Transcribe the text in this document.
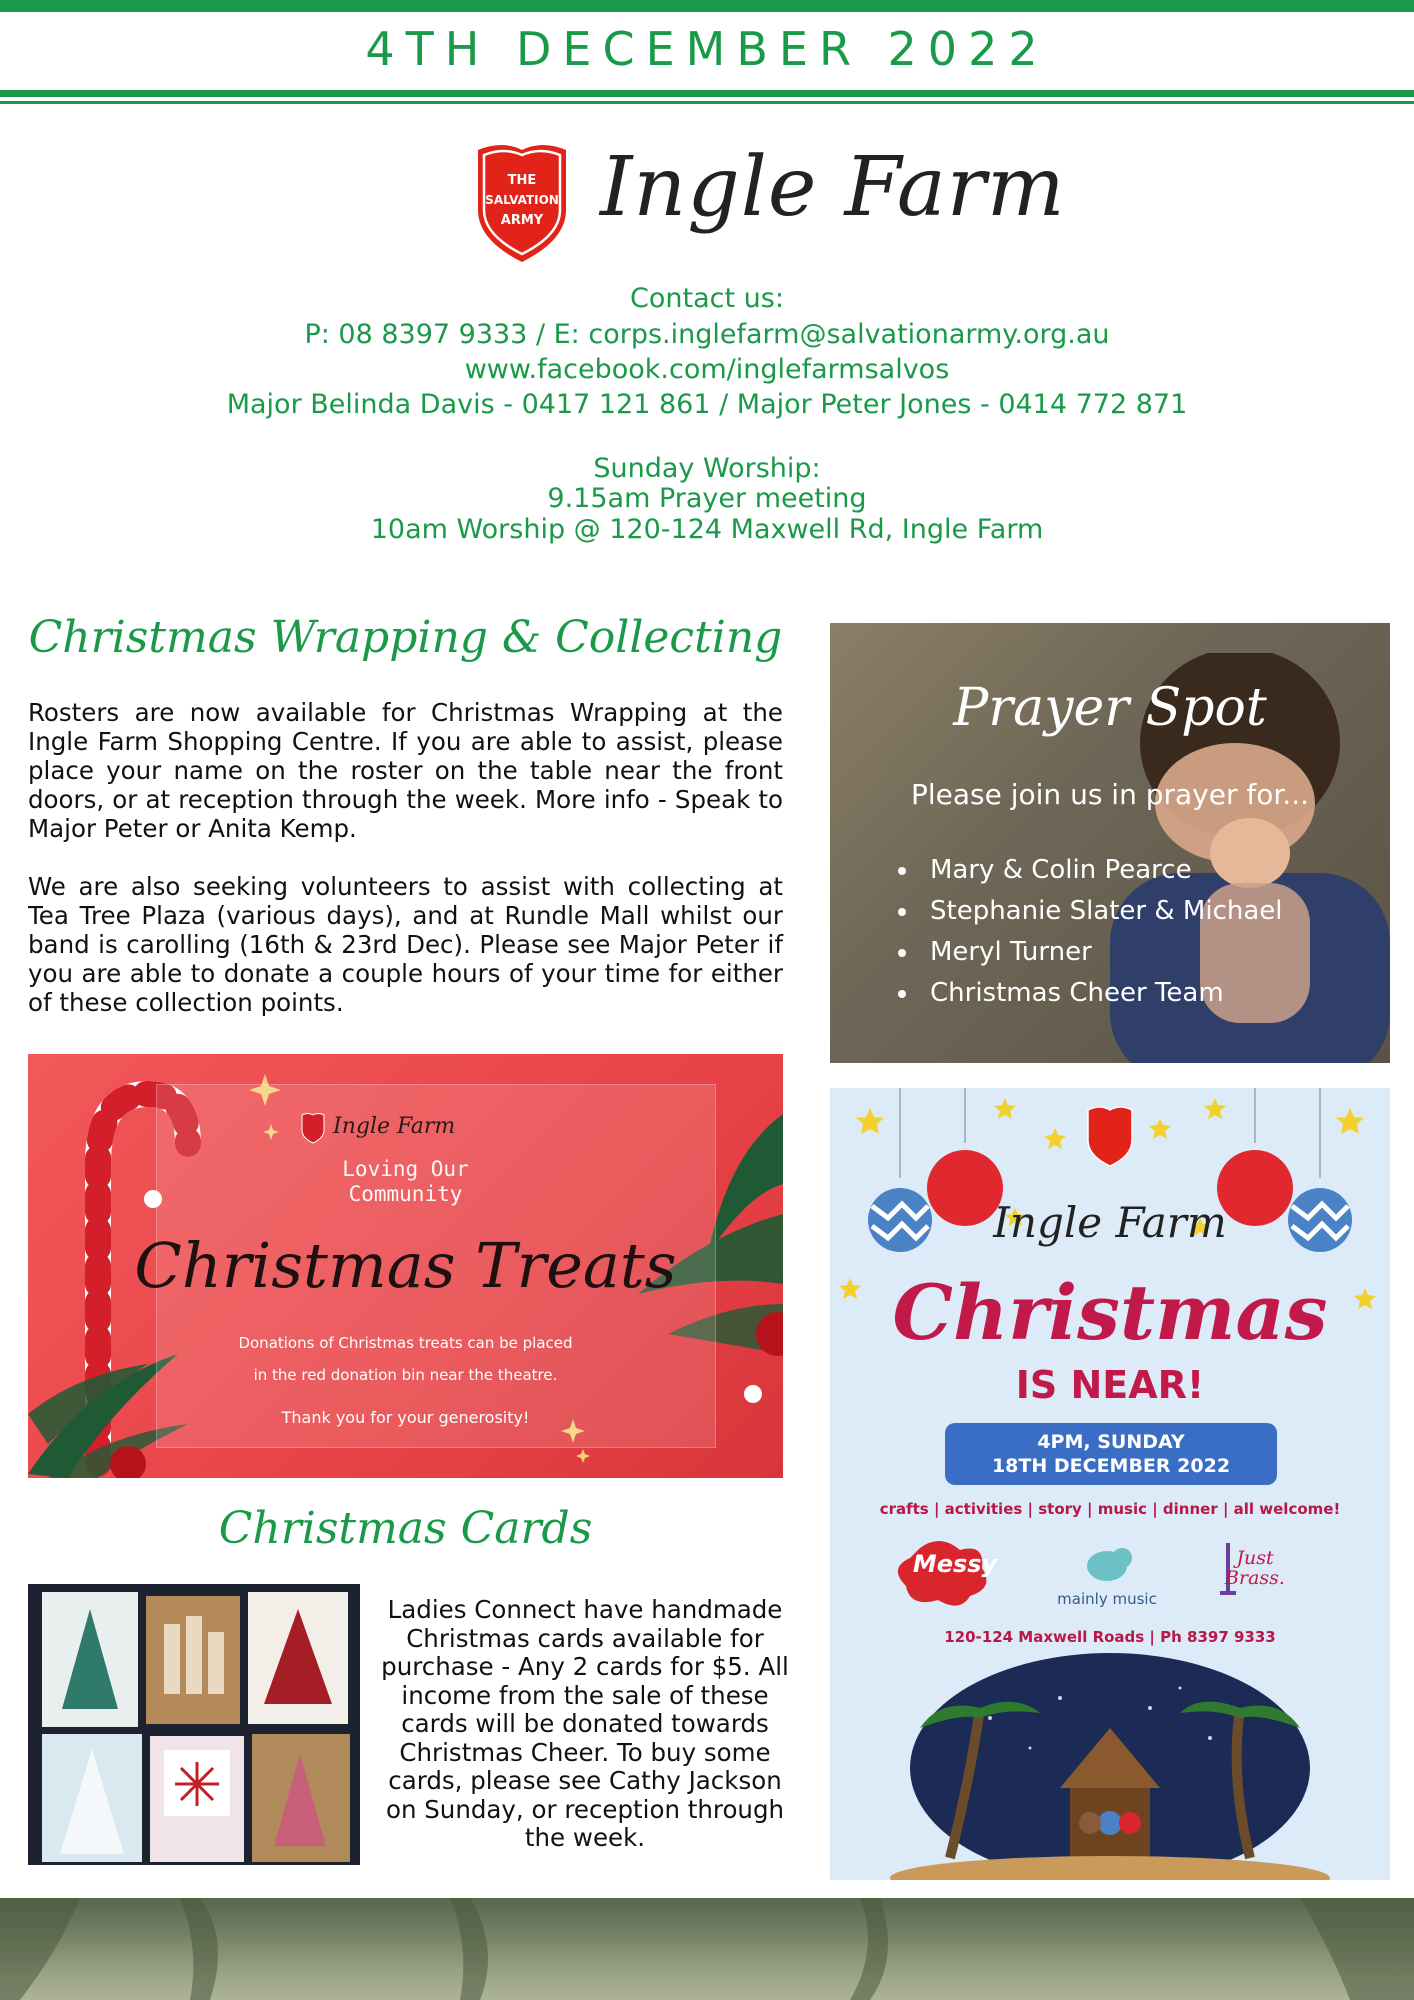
4TH DECEMBER 2022
THE
SALVATION
ARMY Ingle Farm
Contact us:
P: 08 8397 9333 / E: corps.inglefarm@salvationarmy.org.au
www.facebook.com/inglefarmsalvos
Major Belinda Davis - 0417 121 861 / Major Peter Jones - 0414 772 871
Sunday Worship:
9.15am Prayer meeting
10am Worship @ 120-124 Maxwell Rd, Ingle Farm
Christmas Wrapping & Collecting
Rosters are now available for Christmas Wrapping at the Ingle Farm Shopping Centre. If you are able to assist, please place your name on the roster on the table near the front doors, or at reception through the week. More info - Speak to Major Peter or Anita Kemp.
We are also seeking volunteers to assist with collecting at Tea Tree Plaza (various days), and at Rundle Mall whilst our band is carolling (16th & 23rd Dec). Please see Major Peter if you are able to donate a couple hours of your time for either of these collection points.
Prayer Spot
Please join us in prayer for...
Mary & Colin Pearce
Stephanie Slater & Michael
Meryl Turner
Christmas Cheer Team
Ingle Farm
Loving Our
Community
Christmas Treats
Donations of Christmas treats can be placed
in the red donation bin near the theatre.
Thank you for your generosity!
Ingle Farm
Christmas
IS NEAR!
4PM, SUNDAY
18TH DECEMBER 2022
crafts | activities | story | music | dinner | all welcome!
Messy
mainly music
Just
Brass.
120-124 Maxwell Roads | Ph 8397 9333
Christmas Cards
Ladies Connect have handmade Christmas cards available for purchase - Any 2 cards for $5. All income from the sale of these cards will be donated towards Christmas Cheer. To buy some cards, please see Cathy Jackson on Sunday, or reception through the week.
